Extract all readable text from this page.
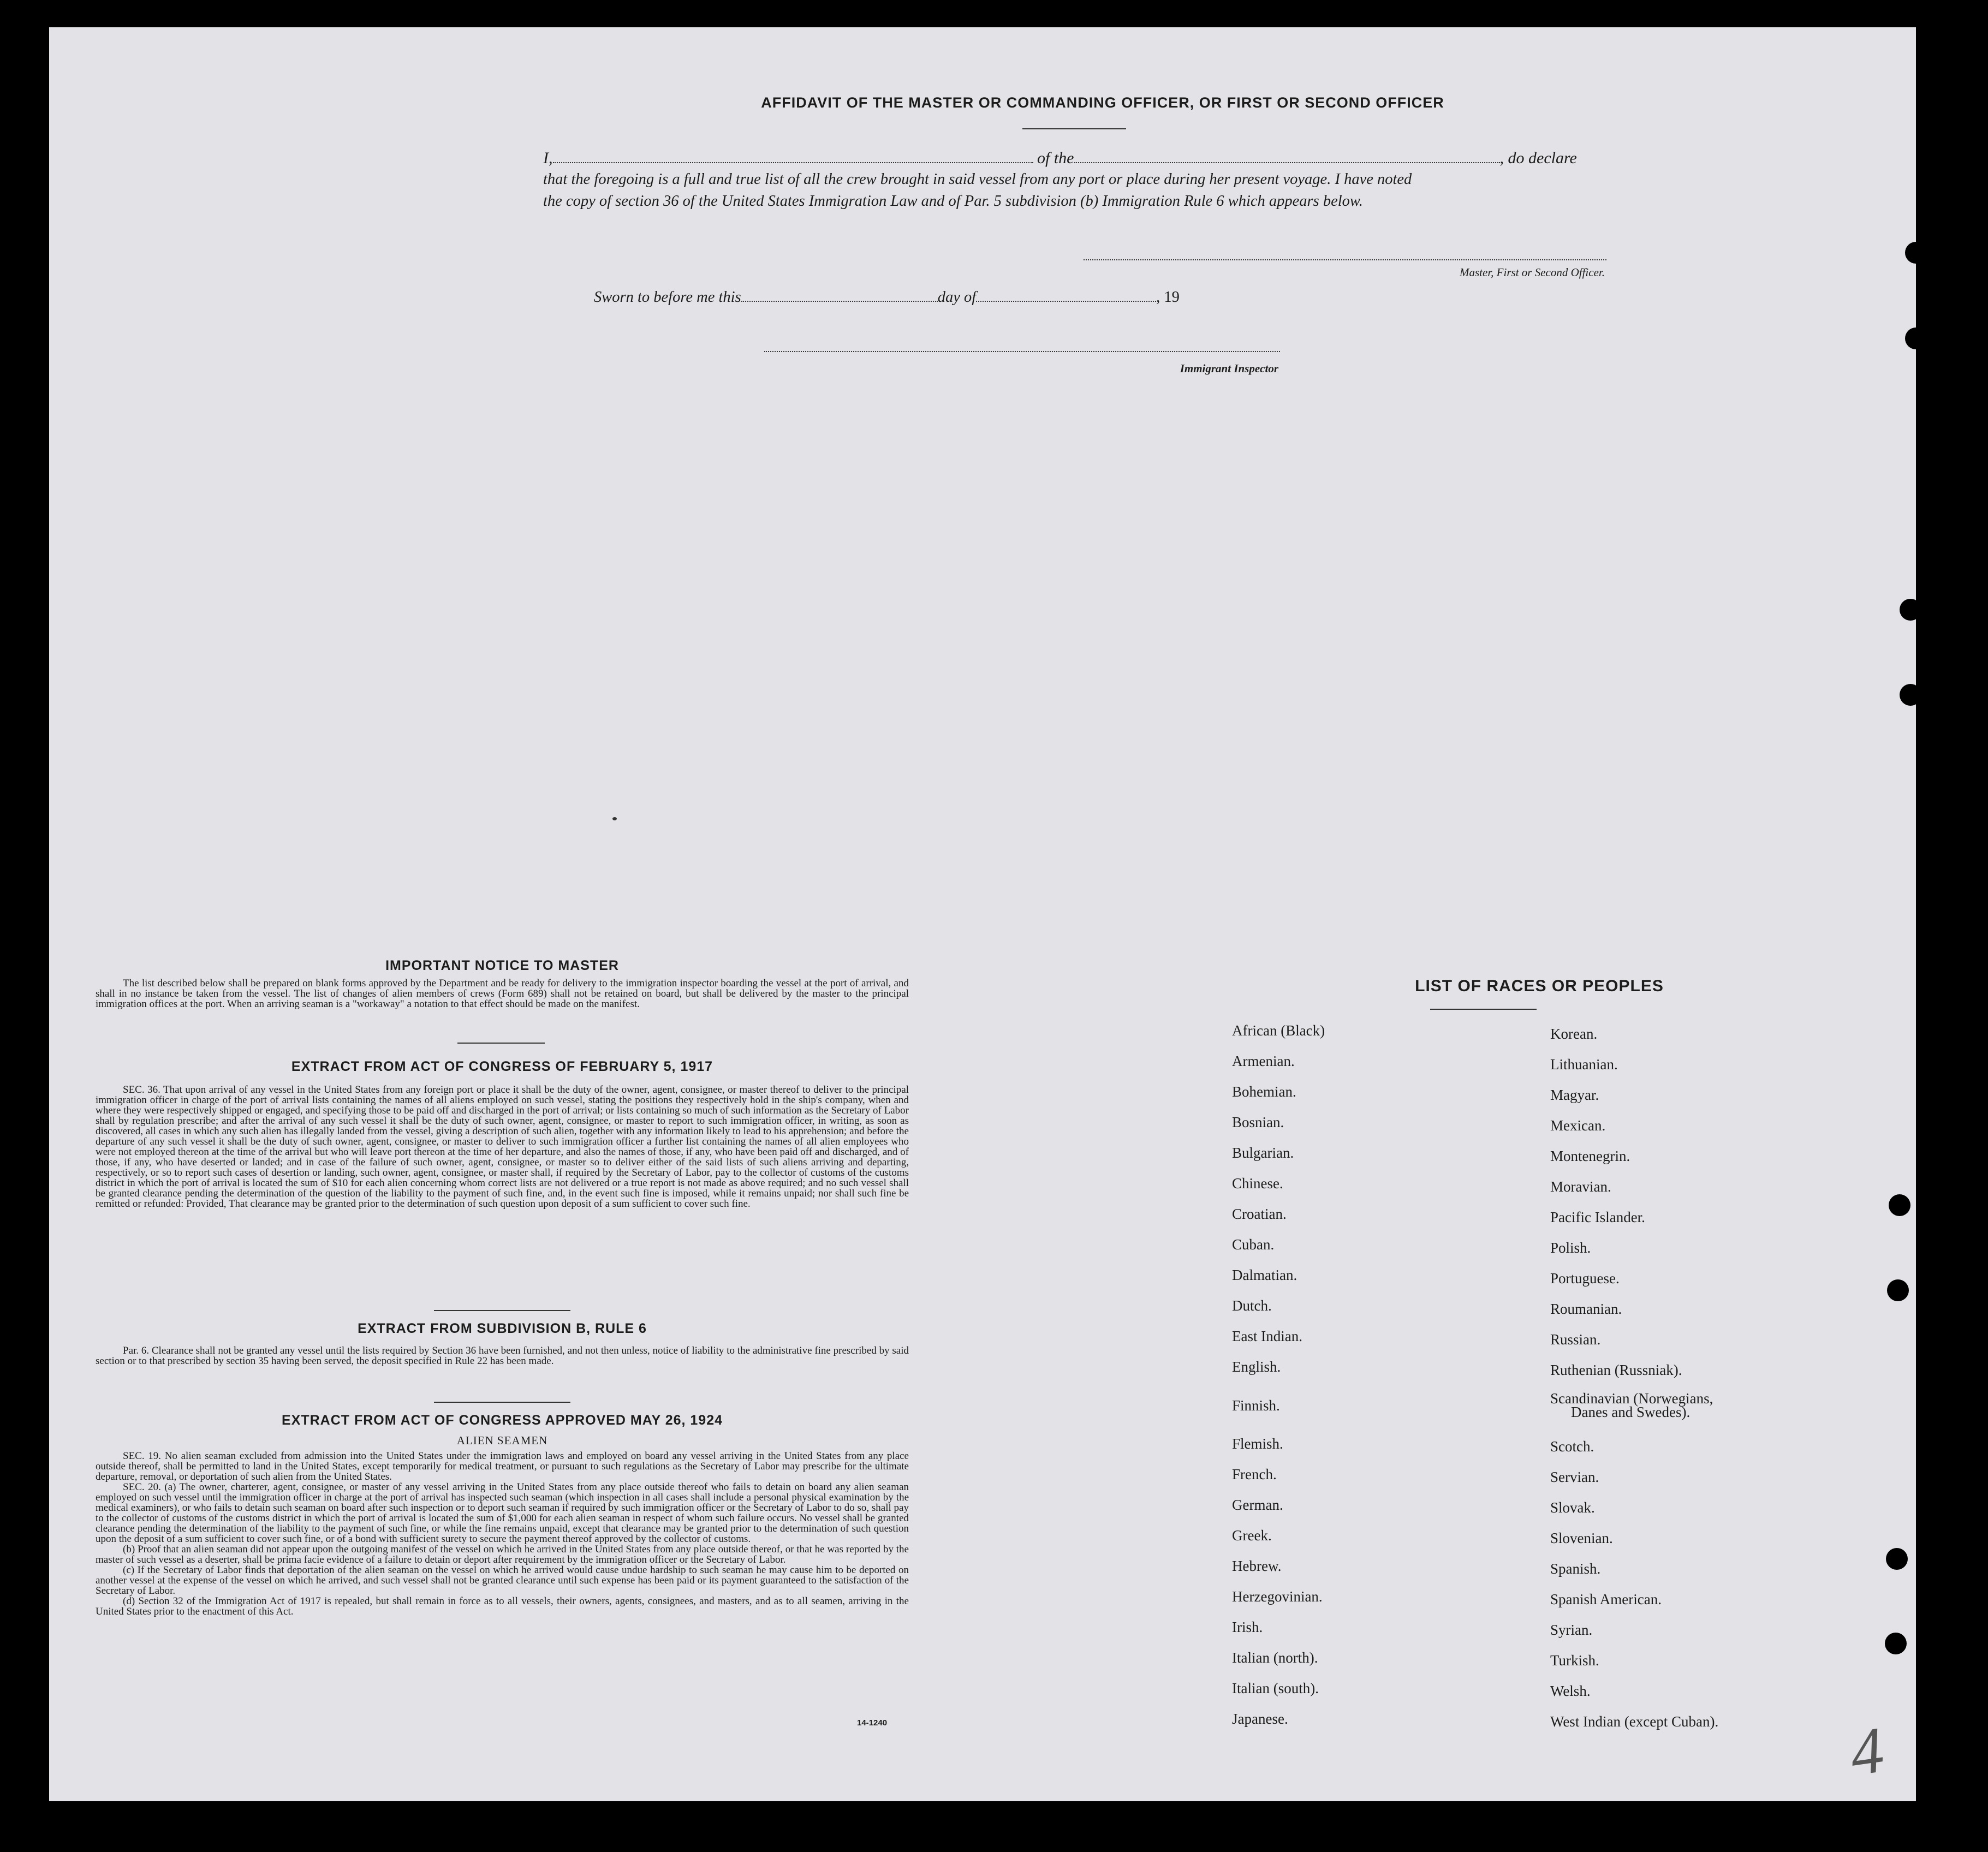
AFFIDAVIT OF THE MASTER OR COMMANDING OFFICER, OR FIRST OR SECOND OFFICER
I,	of the	, do declare
that the foregoing is a full and true list of all the crew brought in said vessel from any port or place during her present voyage. I have noted
the copy of section 36 of the United States Immigration Law and of Par. 5 subdivision (b) Immigration Rule 6 which appears below.
Master, First or Second Officer.
Sworn to before me this	day of	, 19
Immigrant Inspector
IMPORTANT NOTICE TO MASTER
The list described below shall be prepared on blank forms approved by the Department and be ready for delivery to the immigration inspector boarding the vessel at the port of arrival, and shall in no instance be taken from the vessel. The list of changes of alien members of crews (Form 689) shall not be retained on board, but shall be delivered by the master to the principal immigration offices at the port. When an arriving seaman is a "workaway" a notation to that effect should be made on the manifest.
EXTRACT FROM ACT OF CONGRESS OF FEBRUARY 5, 1917
SEC. 36. That upon arrival of any vessel in the United States from any foreign port or place it shall be the duty of the owner, agent, consignee, or master thereof to deliver to the principal immigration officer in charge of the port of arrival lists containing the names of all aliens employed on such vessel, stating the positions they respectively hold in the ship's company, when and where they were respectively shipped or engaged, and specifying those to be paid off and discharged in the port of arrival; or lists containing so much of such information as the Secretary of Labor shall by regulation prescribe; and after the arrival of any such vessel it shall be the duty of such owner, agent, consignee, or master to report to such immigration officer, in writing, as soon as discovered, all cases in which any such alien has illegally landed from the vessel, giving a description of such alien, together with any information likely to lead to his apprehension; and before the departure of any such vessel it shall be the duty of such owner, agent, consignee, or master to deliver to such immigration officer a further list containing the names of all alien employees who were not employed thereon at the time of the arrival but who will leave port thereon at the time of her departure, and also the names of those, if any, who have been paid off and discharged, and of those, if any, who have deserted or landed; and in case of the failure of such owner, agent, consignee, or master so to deliver either of the said lists of such aliens arriving and departing, respectively, or so to report such cases of desertion or landing, such owner, agent, consignee, or master shall, if required by the Secretary of Labor, pay to the collector of customs of the customs district in which the port of arrival is located the sum of $10 for each alien concerning whom correct lists are not delivered or a true report is not made as above required; and no such vessel shall be granted clearance pending the determination of the question of the liability to the payment of such fine, and, in the event such fine is imposed, while it remains unpaid; nor shall such fine be remitted or refunded: Provided, That clearance may be granted prior to the determination of such question upon deposit of a sum sufficient to cover such fine.
EXTRACT FROM SUBDIVISION B, RULE 6
Par. 6. Clearance shall not be granted any vessel until the lists required by Section 36 have been furnished, and not then unless, notice of liability to the administrative fine prescribed by said section or to that prescribed by section 35 having been served, the deposit specified in Rule 22 has been made.
EXTRACT FROM ACT OF CONGRESS APPROVED MAY 26, 1924
ALIEN SEAMEN
SEC. 19. No alien seaman excluded from admission into the United States under the immigration laws and employed on board any vessel arriving in the United States from any place outside thereof, shall be permitted to land in the United States, except temporarily for medical treatment, or pursuant to such regulations as the Secretary of Labor may prescribe for the ultimate departure, removal, or deportation of such alien from the United States.
SEC. 20. (a) The owner, charterer, agent, consignee, or master of any vessel arriving in the United States from any place outside thereof who fails to detain on board any alien seaman employed on such vessel until the immigration officer in charge at the port of arrival has inspected such seaman (which inspection in all cases shall include a personal physical examination by the medical examiners), or who fails to detain such seaman on board after such inspection or to deport such seaman if required by such immigration officer or the Secretary of Labor to do so, shall pay to the collector of customs of the customs district in which the port of arrival is located the sum of $1,000 for each alien seaman in respect of whom such failure occurs. No vessel shall be granted clearance pending the determination of the liability to the payment of such fine, or while the fine remains unpaid, except that clearance may be granted prior to the determination of such question upon the deposit of a sum sufficient to cover such fine, or of a bond with sufficient surety to secure the payment thereof approved by the collector of customs.
(b) Proof that an alien seaman did not appear upon the outgoing manifest of the vessel on which he arrived in the United States from any place outside thereof, or that he was reported by the master of such vessel as a deserter, shall be prima facie evidence of a failure to detain or deport after requirement by the immigration officer or the Secretary of Labor.
(c) If the Secretary of Labor finds that deportation of the alien seaman on the vessel on which he arrived would cause undue hardship to such seaman he may cause him to be deported on another vessel at the expense of the vessel on which he arrived, and such vessel shall not be granted clearance until such expense has been paid or its payment guaranteed to the satisfaction of the Secretary of Labor.
(d) Section 32 of the Immigration Act of 1917 is repealed, but shall remain in force as to all vessels, their owners, agents, consignees, and masters, and as to all seamen, arriving in the United States prior to the enactment of this Act.
14-1240
LIST OF RACES OR PEOPLES
African (Black)
Armenian.
Bohemian.
Bosnian.
Bulgarian.
Chinese.
Croatian.
Cuban.
Dalmatian.
Dutch.
East Indian.
English.
Finnish.
Flemish.
French.
German.
Greek.
Hebrew.
Herzegovinian.
Irish.
Italian (north).
Italian (south).
Japanese.
Korean.
Lithuanian.
Magyar.
Mexican.
Montenegrin.
Moravian.
Pacific Islander.
Polish.
Portuguese.
Roumanian.
Russian.
Ruthenian (Russniak).
Scandinavian (Norwegians,
Danes and Swedes).
Scotch.
Servian.
Slovak.
Slovenian.
Spanish.
Spanish American.
Syrian.
Turkish.
Welsh.
West Indian (except Cuban). 4
